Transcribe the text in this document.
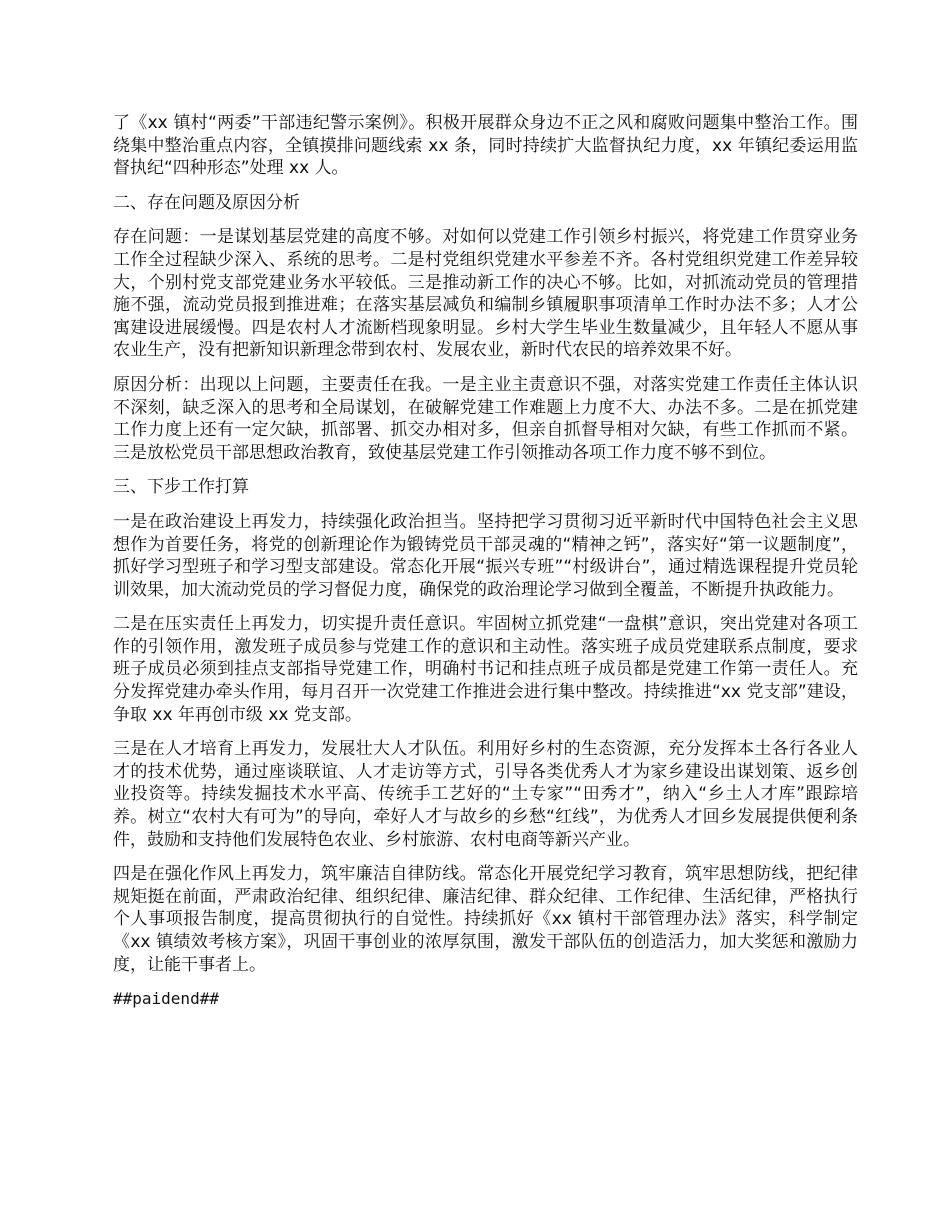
了《xx 镇村“两委”干部违纪警示案例》。积极开展群众身边不正之风和腐败问题集中整治工作。围绕集中整治重点内容，全镇摸排问题线索 xx 条，同时持续扩大监督执纪力度，xx 年镇纪委运用监督执纪“四种形态”处理 xx 人。

二、存在问题及原因分析

存在问题：一是谋划基层党建的高度不够。对如何以党建工作引领乡村振兴，将党建工作贯穿业务工作全过程缺少深入、系统的思考。二是村党组织党建水平参差不齐。各村党组织党建工作差异较大，个别村党支部党建业务水平较低。三是推动新工作的决心不够。比如，对抓流动党员的管理措施不强，流动党员报到推进难；在落实基层减负和编制乡镇履职事项清单工作时办法不多；人才公寓建设进展缓慢。四是农村人才流断档现象明显。乡村大学生毕业生数量减少，且年轻人不愿从事农业生产，没有把新知识新理念带到农村、发展农业，新时代农民的培养效果不好。

原因分析：出现以上问题，主要责任在我。一是主业主责意识不强，对落实党建工作责任主体认识不深刻，缺乏深入的思考和全局谋划，在破解党建工作难题上力度不大、办法不多。二是在抓党建工作力度上还有一定欠缺，抓部署、抓交办相对多，但亲自抓督导相对欠缺，有些工作抓而不紧。三是放松党员干部思想政治教育，致使基层党建工作引领推动各项工作力度不够不到位。

三、下步工作打算

一是在政治建设上再发力，持续强化政治担当。坚持把学习贯彻习近平新时代中国特色社会主义思想作为首要任务，将党的创新理论作为锻铸党员干部灵魂的“精神之钙”，落实好“第一议题制度”，抓好学习型班子和学习型支部建设。常态化开展“振兴专班”“村级讲台”，通过精选课程提升党员轮训效果，加大流动党员的学习督促力度，确保党的政治理论学习做到全覆盖，不断提升执政能力。

二是在压实责任上再发力，切实提升责任意识。牢固树立抓党建“一盘棋”意识，突出党建对各项工作的引领作用，激发班子成员参与党建工作的意识和主动性。落实班子成员党建联系点制度，要求班子成员必须到挂点支部指导党建工作，明确村书记和挂点班子成员都是党建工作第一责任人。充分发挥党建办牵头作用，每月召开一次党建工作推进会进行集中整改。持续推进“xx 党支部”建设，争取 xx 年再创市级 xx 党支部。

三是在人才培育上再发力，发展壮大人才队伍。利用好乡村的生态资源，充分发挥本土各行各业人才的技术优势，通过座谈联谊、人才走访等方式，引导各类优秀人才为家乡建设出谋划策、返乡创业投资等。持续发掘技术水平高、传统手工艺好的“土专家”“田秀才”，纳入“乡土人才库”跟踪培养。树立“农村大有可为”的导向，牵好人才与故乡的乡愁“红线”，为优秀人才回乡发展提供便利条件，鼓励和支持他们发展特色农业、乡村旅游、农村电商等新兴产业。

四是在强化作风上再发力，筑牢廉洁自律防线。常态化开展党纪学习教育，筑牢思想防线，把纪律规矩挺在前面，严肃政治纪律、组织纪律、廉洁纪律、群众纪律、工作纪律、生活纪律，严格执行个人事项报告制度，提高贯彻执行的自觉性。持续抓好《xx 镇村干部管理办法》落实，科学制定《xx 镇绩效考核方案》，巩固干事创业的浓厚氛围，激发干部队伍的创造活力，加大奖惩和激励力度，让能干事者上。

##paidend##
